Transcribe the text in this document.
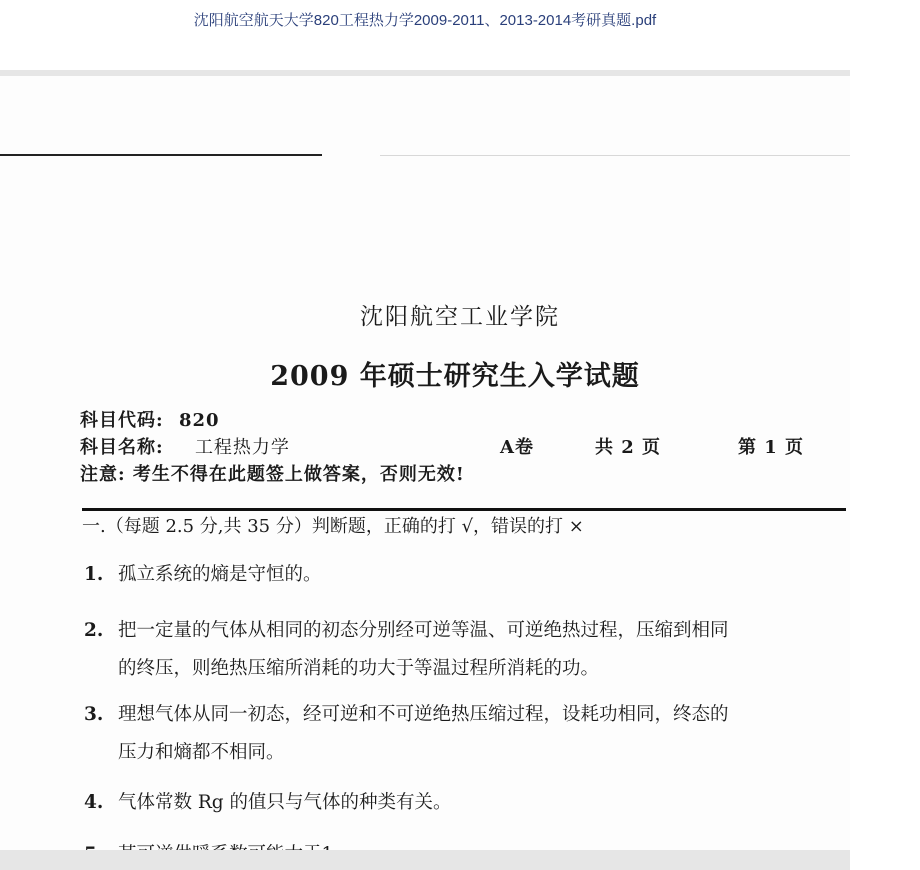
沈阳航空航天大学820工程热力学2009-2011、2013-2014考研真题.pdf
沈阳航空工业学院
2009 年硕士研究生入学试题
科目代码: 820
科目名称: 工程热力学	A卷	共 2 页	第 1 页
注意: 考生不得在此题签上做答案，否则无效!
一.（每题 2.5 分,共 35 分）判断题，正确的打 √，错误的打 ×
1. 孤立系统的熵是守恒的。
2. 把一定量的气体从相同的初态分别经可逆等温、可逆绝热过程，压缩到相同
的终压，则绝热压缩所消耗的功大于等温过程所消耗的功。
3. 理想气体从同一初态，经可逆和不可逆绝热压缩过程，设耗功相同，终态的
压力和熵都不相同。
4. 气体常数 Rg 的值只与气体的种类有关。
